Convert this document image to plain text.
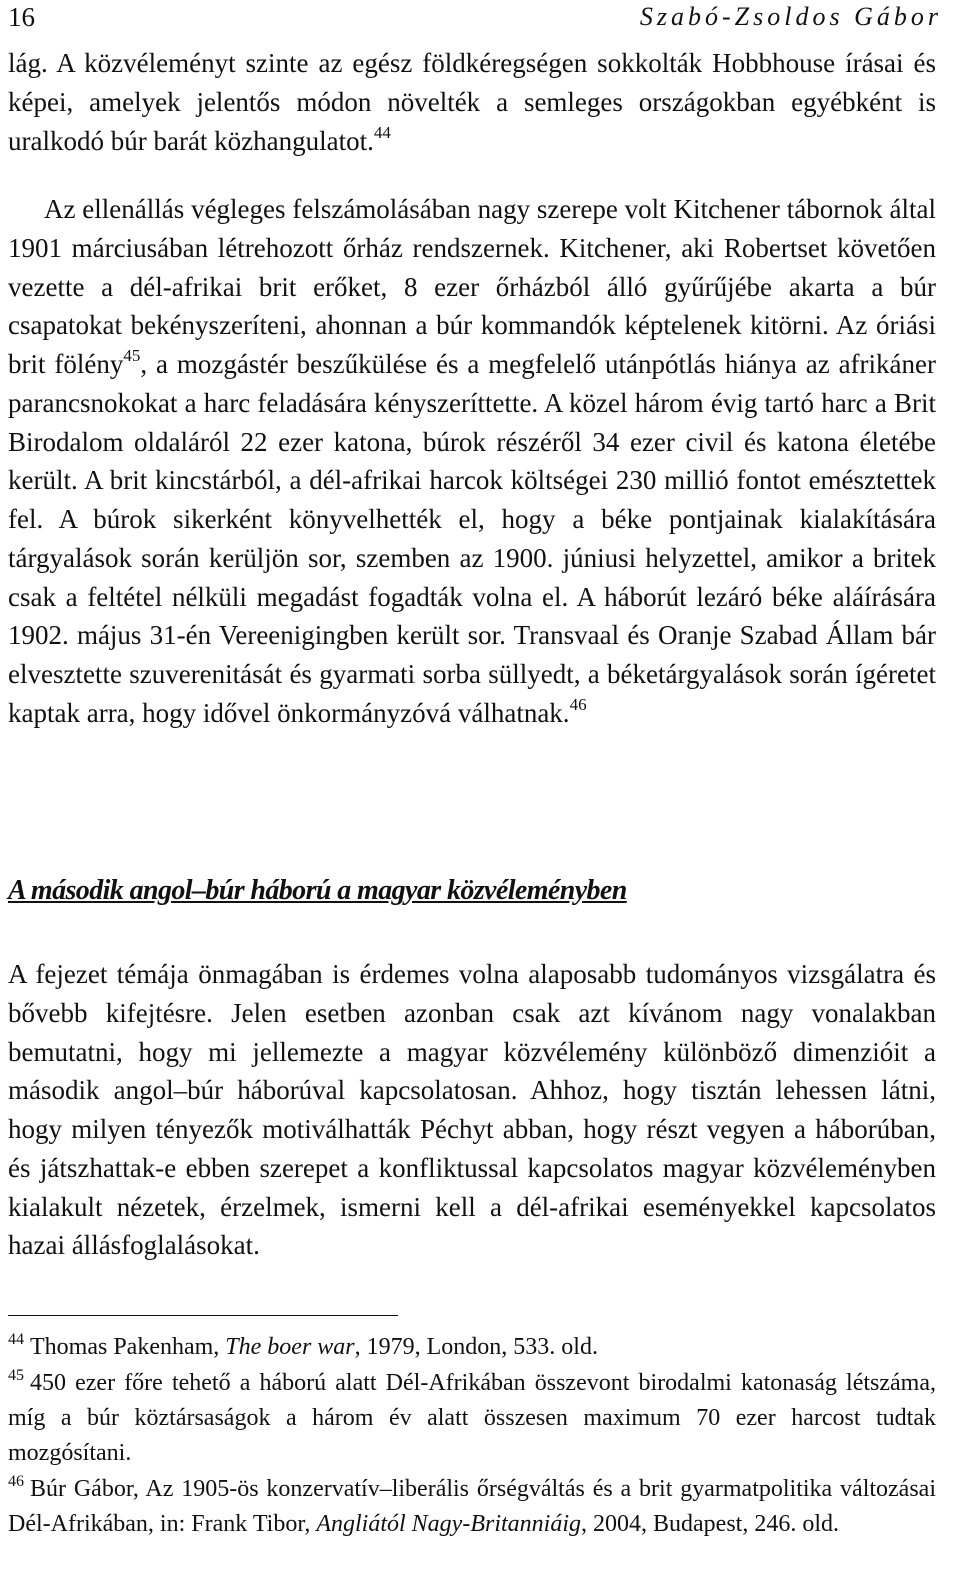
16	Szabó-Zsoldos Gábor

lág. A közvéleményt szinte az egész földkéregségen sokkolták Hobbhouse írásai és képei, amelyek jelentős módon növelték a semleges országokban egyébként is uralkodó búr barát közhangulatot.$^{44}$

Az ellenállás végleges felszámolásában nagy szerepe volt Kitchener tábornok által 1901 márciusában létrehozott őrház rendszernek. Kitchener, aki Robertset követően vezette a dél-afrikai brit erőket, 8 ezer őrházból álló gyűrűjébe akarta a búr csapatokat bekényszeríteni, ahonnan a búr kommandók képtelenek kitörni. Az óriási brit fölény$^{45}$, a mozgástér beszűkülése és a megfelelő utánpótlás hiánya az afrikáner parancsnokokat a harc feladására kényszeríttette. A közel három évig tartó harc a Brit Birodalom oldaláról 22 ezer katona, búrok részéről 34 ezer civil és katona életébe került. A brit kincstárból, a dél-afrikai harcok költségei 230 millió fontot emésztettek fel. A búrok sikerként könyvelhették el, hogy a béke pontjainak kialakítására tárgyalások során kerüljön sor, szemben az 1900. júniusi helyzettel, amikor a britek csak a feltétel nélküli megadást fogadták volna el. A háborút lezáró béke aláírására 1902. május 31-én Vereenigingben került sor. Transvaal és Oranje Szabad Állam bár elvesztette szuverenitását és gyarmati sorba süllyedt, a béketárgyalások során ígéretet kaptak arra, hogy idővel önkormányzóvá válhatnak.$^{46}$

A második angol–búr háború a magyar közvéleményben

A fejezet témája önmagában is érdemes volna alaposabb tudományos vizsgálatra és bővebb kifejtésre. Jelen esetben azonban csak azt kívánom nagy vonalakban bemutatni, hogy mi jellemezte a magyar közvélemény különböző dimenzióit a második angol–búr háborúval kapcsolatosan. Ahhoz, hogy tisztán lehessen látni, hogy milyen tényezők motiválhatták Péchyt abban, hogy részt vegyen a háborúban, és játszhattak-e ebben szerepet a konfliktussal kapcsolatos magyar közvéleményben kialakult nézetek, érzelmek, ismerni kell a dél-afrikai eseményekkel kapcsolatos hazai állásfoglalásokat.

$^{44}$ Thomas Pakenham, The boer war, 1979, London, 533. old.

$^{45}$ 450 ezer főre tehető a háború alatt Dél-Afrikában összevont birodalmi katonaság létszáma, míg a búr köztársaságok a három év alatt összesen maximum 70 ezer harcost tudtak mozgósítani.

$^{46}$ Búr Gábor, Az 1905-ös konzervatív–liberális őrségváltás és a brit gyarmatpolitika változásai Dél-Afrikában, in: Frank Tibor, Angliától Nagy-Britanniáig, 2004, Budapest, 246. old.
